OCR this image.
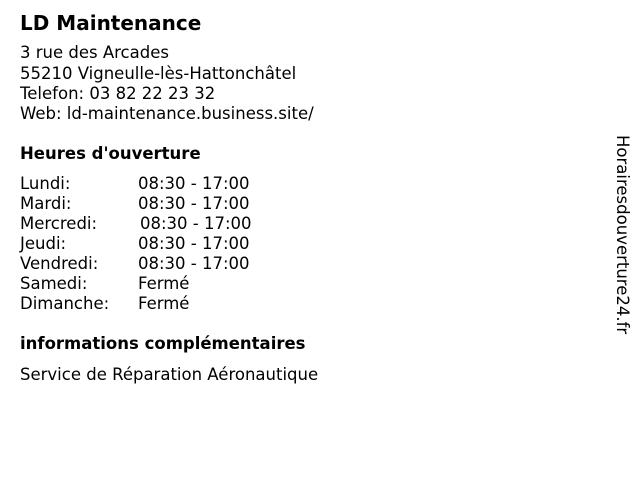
LD Maintenance
3 rue des Arcades
55210 Vigneulle-lès-Hattonchâtel
Telefon: 03 82 22 23 32
Web: ld-maintenance.business.site/
Heures d'ouverture
Lundi:	08:30 - 17:00
Mardi:	08:30 - 17:00
Mercredi:	08:30 - 17:00
Jeudi:	08:30 - 17:00
Vendredi: 08:30 - 17:00
Samedi:	Fermé
Dimanche: Fermé
informations complémentaires
Service de Réparation Aéronautique
Horairesdouverture24.fr
